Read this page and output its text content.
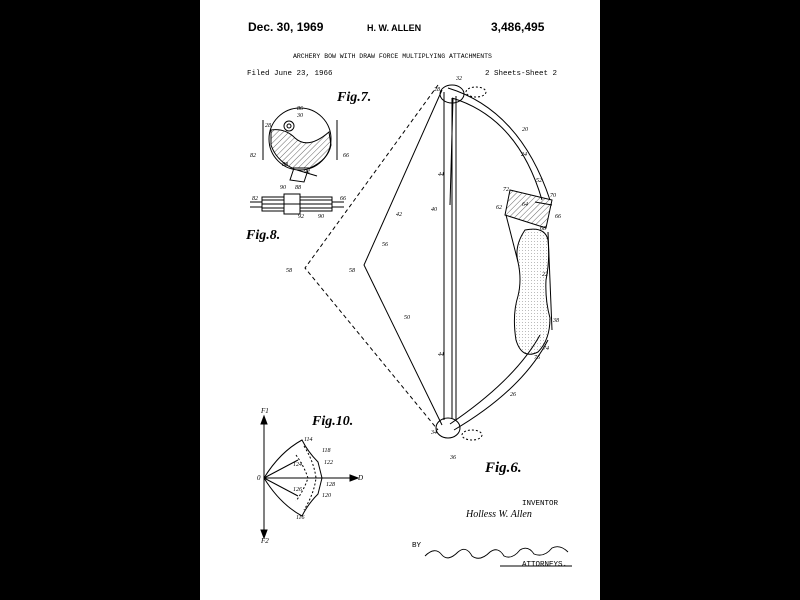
Dec. 30, 1969	H. W. ALLEN	3,486,495
ARCHERY BOW WITH DRAW FORCE MULTIPLYING ATTACHMENTS
Filed June 23, 1966	2 Sheets-Sheet 2
Fig.7.
Fig.8.
Fig.10.
Fig.6.
86
28
30
82
88
92
66
90 88
82
92 90
66
114
118
124	122
128
126
120
116
F1
F2
0	D
32
28
20
24
52
70
72
62	64
66
68
22
44
40
56
58
42
50	38
74
76
44
26
34
36
58
INVENTOR
Holless W. Allen
BY
ATTORNEYS.
